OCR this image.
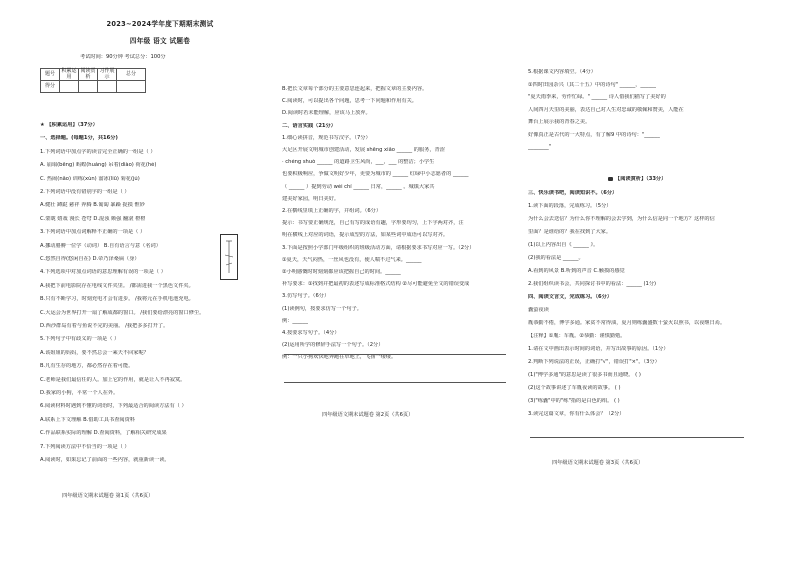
2023~2024学年度下期期末测试
四年级 语文 试题卷
考试时间：90分钟 考试总分：100分
题号	积累运用	阅读赏析	习作展示	总分
得分				
★ 【积累运用】（37分）
一、选择题。(每题1分，共16分)
1.下列词语中加点字的读音完全正确的一组是（ ）
A. 崩塌(bēng) 蚂蝗(huáng) 吊着(diào) 荷花(hé)
C. 热闹(nāo) 训练(xùn) 溜冰(liū) 菊花(jú)
2.下列词语中没有错别字的一组是（ ）
A.健壮 蹲跶 慈祥 奔腾 B.匍匐 暴躁 捉摸 惟妙
C.蒙眬 嬉戏 漫长 苍穹 D.混浊 颇强 翻滚 橙橙
3.下列词语中加点词解释不正确的一项是（ ）
A.挪动胳膊一位学（动词） B.自有语言与意（名词）
C.悠然自得(悠闲自在) D.帝乃泽桑扁（身）
4.下列选项中对加点词语的意思理解有误的一项是（ ）
A.我把下前电影院存在电线文件夹里。 /都需进我一个黑色文件夹。
B.只有不断学习，时刻充电才会有进步。 /我将元在手机电池充电。
C.大运会为世界打开一扇了解成都的窗口。 /我们要给漂亮的窗口修尘。
D.西沙群岛有着与鱼说不完的美丽。 /我把多多打开了。
5.下列句子中有歧义的一项是（ ）
A.该姐姐的妈妈，要不然总会一乘天不回家呢？
B.凡有生存的地方，都必然存在着可能。
C.老师是我们最信任的人。加上它的作用，就是让人不再寂寞。
D.我家的小狗，平常一个人在外。
6.阅读材料时遇到不懂的词语时，下列最适合的阅读方法有（ ）
A.联系上下文理解 B.借助工具书查阅资料
C.作品联系实际的理解 D.查阅资料，了解相关研究成果
7.下列阅读方法中不恰当的一项是（ ）
A.阅读时，如果忘记了前面的一些内容，就重新读一读。
四年级语文期末试题卷 第1页（共6页）
B.把长文章每个部分的主要意思连起来，把握文章的主要内容。
C.阅读时，可以提出各个问题，思考一下问题和作用有关。
D.阅读时若未能理解，应该马上放弃。
二、语言实践（21分）
1.细心读拼音，规范书写汉字。（7分）
大足区开展文明城市创建活动，发展 shēng xiǎo ______ 的服务，青涩
· chéng shuò ______ 的道路卫生风尚，___，___ 的整洁；小学生
也要积极响应，争做文明好少年，更要为城市的 ______ 红绿中小志愿者的 ______
（ ______ ）提到劳动 wéi chí ______ 日常，______ 。城镇大家共
建美好家园，明日美好。
2.在横线里填上正确的字，并组词。（6分）
提示：书写要正确规范，自己有写的成语有趣，字形要均匀，上下字两对齐，注
明在横线上对应的词语，提示成型的方法，如某些词中成语可以写对齐。
3.下面是按照小学部门年级组织的班级活动方面，请根据要求书写对应一写。（2分）
①夏天，天气闷热，一丝风也没有，使人喘不过气来。______
②小明感慨时时刻刻都应该把握自己的时间。______
补写要求：①找到并把最初的表述写成标准格式结构 ②尽可能避免全文的错误变成
3.仿写句子。（6分）
(1)读例句，按要求仿写一个句子。
例：______
4.按要求写句子。（4分）
(2)运用所学的修辞手法写一个句子。（2分）
例：一只小狗欢快地奔跑在草地上，飞扬一缕缕。
四年级语文期末试题卷 第2页（共6页）
5.根据课文内容填空。（4分）
①四时田园杂兴（其二十五）中的诗句" ______，______
"夏天雨季来，劳作忙碌。" ______ 诗人借我们描写了美好的
人间四月天里的美丽，表达自己对人生对忠诚的敬佩和赞美，人能在
舞台上展示我的青春之美。
好像真正是古代的一大特点，有了解9 中的诗句："______
________"
【阅读赏析】（33分）
三、快乐读书吧，阅读知识不。（6分）
1.读下面的段落，完成练习。（5分）
为什么会去送信？为什么你不理解的会去学到，为什么信是同一个地方？这样的信
里面？是谁给的？我在找到了大家。
(1)以上内容出自《 ______ 》。
(2)我的看法是 ______。
A.看到的风景 B.听到的声音 C.触摸的感觉
2.我们组织读书会，共同探讨书中的看法：______ (1分)
四、阅读文言文，完成练习。（6分）
囊萤夜读
胤恭勤不倦，博学多通。家贫不常得油，夏月则练囊盛数十萤火以照书，以夜继日焉。
【注释】①胤：车胤。②恭勤：谨慎勤勉。
1.请在文中画出表示时间的词语，并写出故事的原因。（1分）
2.判断下列说法的正误，正确打"√"，错误打"×"。（3分）
(1)"博学多通"的意思是读了很多书而且通晓。 ( )
(2)这个故事讲述了车胤夜读的故事。 ( )
(3)"练囊"中的"练"指的是白色的绢。 ( )
3.读完这篇文章，你有什么体会？（2分）
四年级语文期末试题卷 第3页（共6页）
